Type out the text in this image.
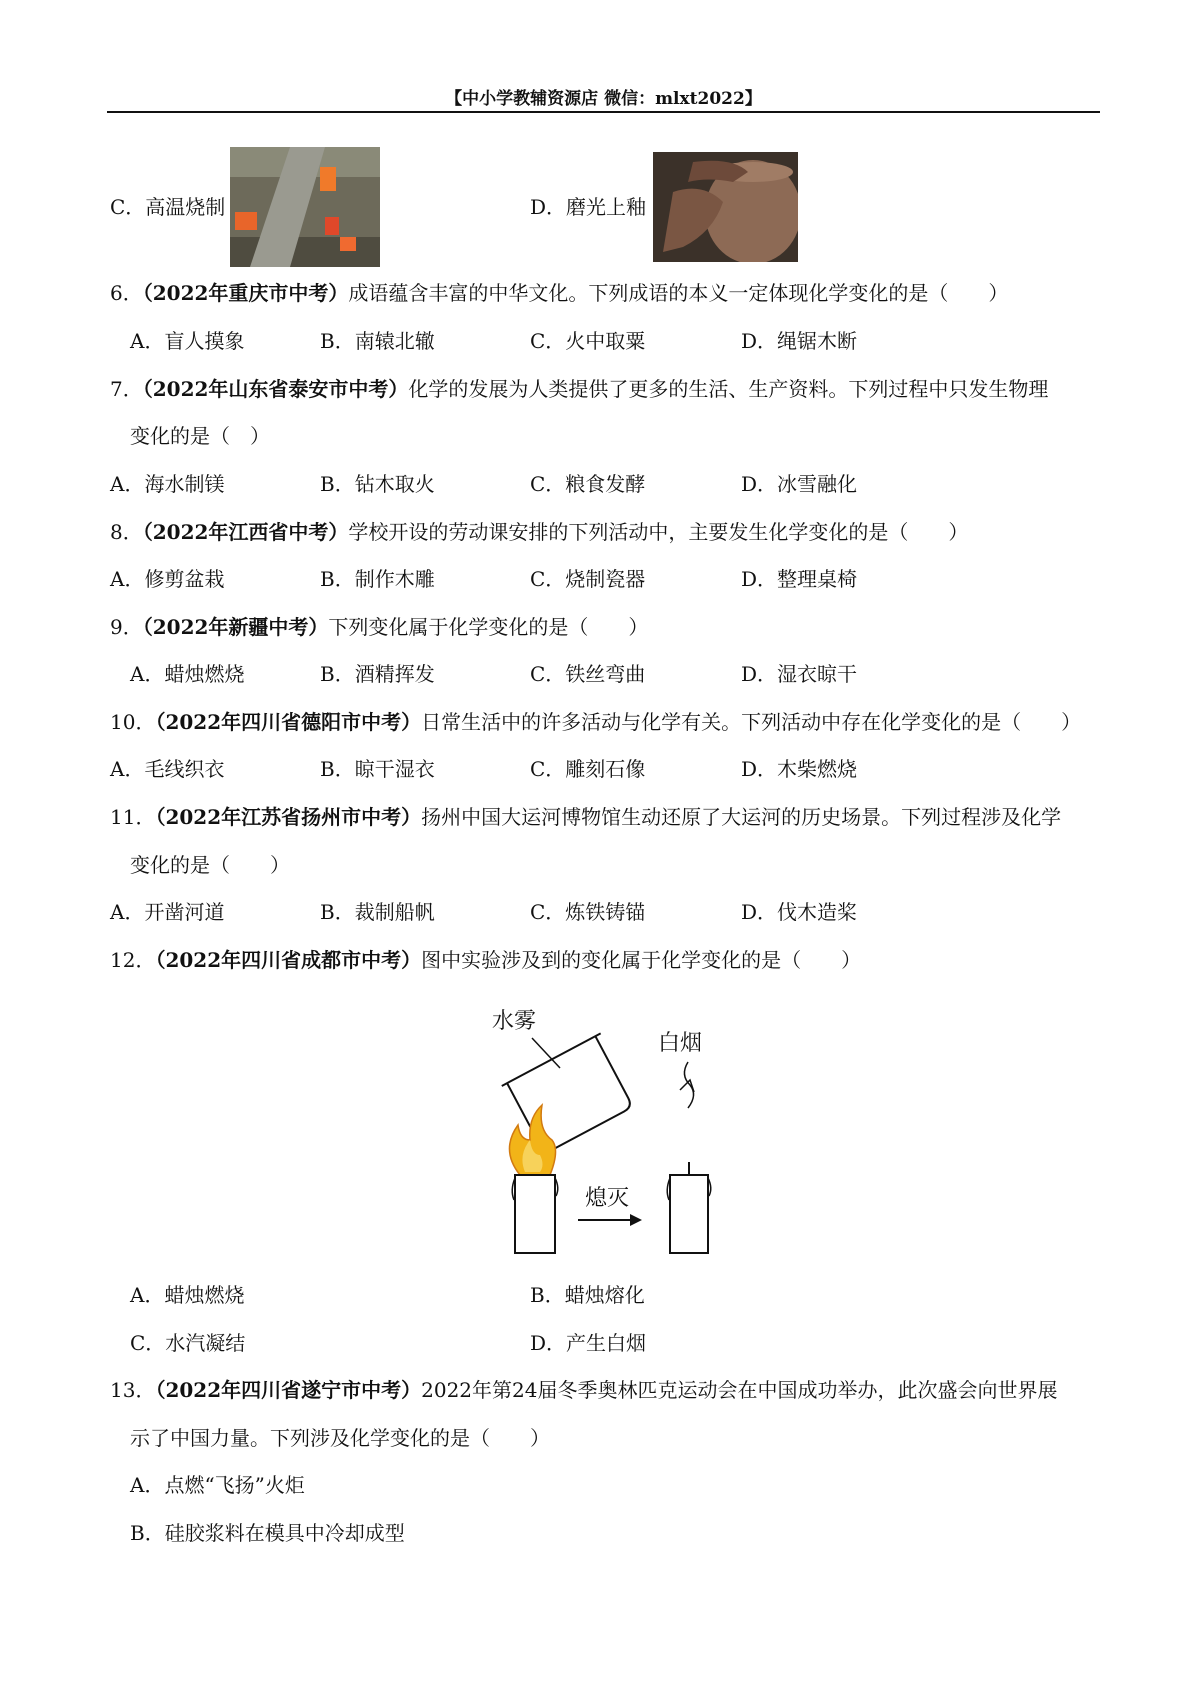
【中小学教辅资源店 微信：mlxt2022】
C．高温烧制	D．磨光上釉
6．（2022年重庆市中考）成语蕴含丰富的中华文化。下列成语的本义一定体现化学变化的是（　　）
A．盲人摸象	B．南辕北辙	C．火中取粟	D．绳锯木断
7．（2022年山东省泰安市中考）化学的发展为人类提供了更多的生活、生产资料。下列过程中只发生物理
变化的是（　）
A．海水制镁	B．钻木取火	C．粮食发酵	D．冰雪融化
8．（2022年江西省中考）学校开设的劳动课安排的下列活动中，主要发生化学变化的是（　　）
A．修剪盆栽	B．制作木雕	C．烧制瓷器	D．整理桌椅
9．（2022年新疆中考）下列变化属于化学变化的是（　　）
A．蜡烛燃烧	B．酒精挥发	C．铁丝弯曲	D．湿衣晾干
10．（2022年四川省德阳市中考）日常生活中的许多活动与化学有关。下列活动中存在化学变化的是（　　）
A．毛线织衣	B．晾干湿衣	C．雕刻石像	D．木柴燃烧
11．（2022年江苏省扬州市中考）扬州中国大运河博物馆生动还原了大运河的历史场景。下列过程涉及化学
变化的是（　　）
A．开凿河道	B．裁制船帆	C．炼铁铸锚	D．伐木造桨
12．（2022年四川省成都市中考）图中实验涉及到的变化属于化学变化的是（　　）
水雾
熄灭
白烟
A．蜡烛燃烧	B．蜡烛熔化
C．水汽凝结	D．产生白烟
13．（2022年四川省遂宁市中考）2022年第24届冬季奥林匹克运动会在中国成功举办，此次盛会向世界展
示了中国力量。下列涉及化学变化的是（　　）
A．点燃“飞扬”火炬
B．硅胶浆料在模具中冷却成型
